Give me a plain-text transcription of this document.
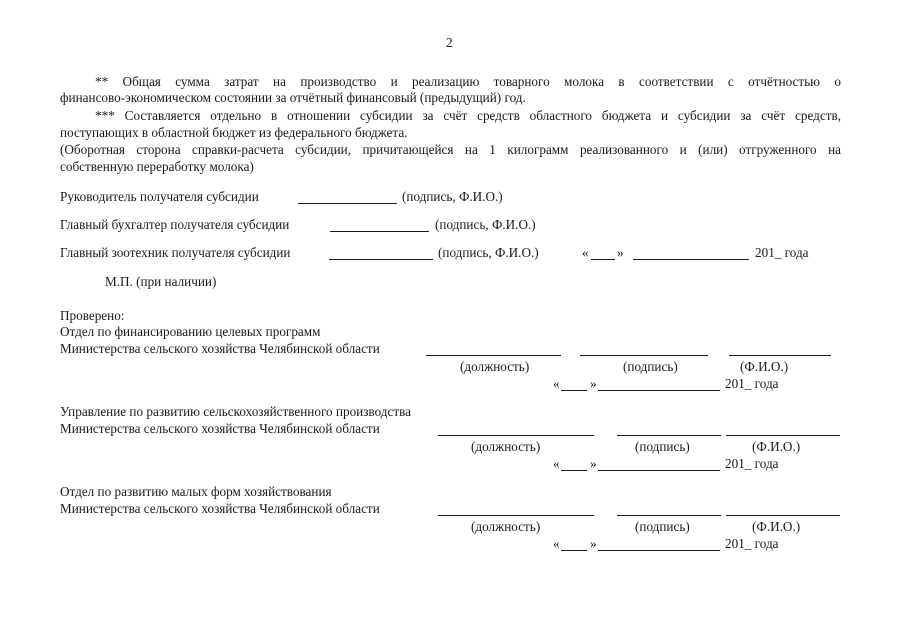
2
** Общая сумма затрат на производство и реализацию товарного молока в соответствии с отчётностью о
финансово-экономическом состоянии за отчётный финансовый (предыдущий) год.
*** Составляется отдельно в отношении субсидии за счёт средств областного бюджета и субсидии за счёт средств,
поступающих в областной бюджет из федерального бюджета.
(Оборотная сторона справки-расчета субсидии, причитающейся на 1 килограмм реализованного и (или) отгруженного на
собственную переработку молока)
Руководитель получателя субсидии	(подпись, Ф.И.О.)
Главный бухгалтер получателя субсидии	(подпись, Ф.И.О.)
Главный зоотехник получателя субсидии	(подпись, Ф.И.О.)	« »	201_ года
М.П. (при наличии)
Проверено:
Отдел по финансированию целевых программ
Министерства сельского хозяйства Челябинской области
(должность)	(подпись)	(Ф.И.О.)
« »	201_ года
Управление по развитию сельскохозяйственного производства
Министерства сельского хозяйства Челябинской области
(должность)	(подпись)	(Ф.И.О.)
« »	201_ года
Отдел по развитию малых форм хозяйствования
Министерства сельского хозяйства Челябинской области
(должность)	(подпись)	(Ф.И.О.)
« »	201_ года
